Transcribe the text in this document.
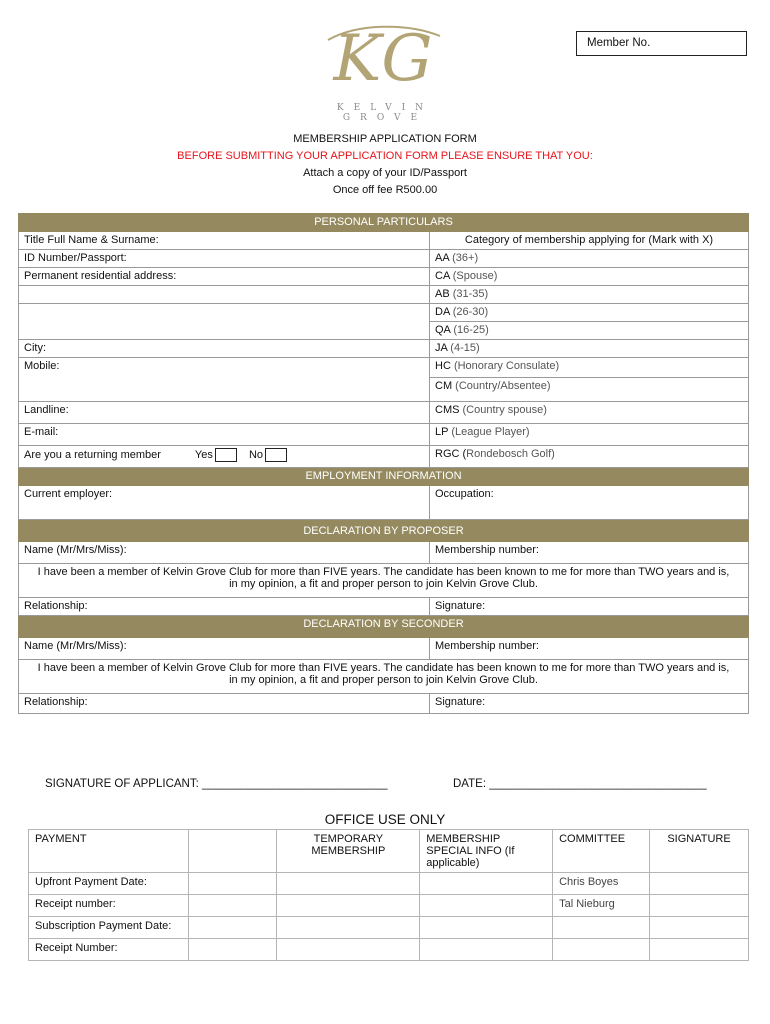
KG
KELVIN GROVE
Member No.
MEMBERSHIP APPLICATION FORM
BEFORE SUBMITTING YOUR APPLICATION FORM PLEASE ENSURE THAT YOU:
Attach a copy of your ID/Passport
Once off fee R500.00
PERSONAL PARTICULARS	
Title Full Name & Surname:	Category of membership applying for (Mark with X)
ID Number/Passport:	AA (36+)
Permanent residential address:	CA (Spouse)
	AB (31-35)
	DA (26-30)
	QA (16-25)
City:	JA (4-15)
Mobile:	HC (Honorary Consulate)
	CM (Country/Absentee)
Landline:	CMS (Country spouse)
E-mail:	LP (League Player)
Are you a returning member Yes No	RGC (Rondebosch Golf)
EMPLOYMENT INFORMATION	
Current employer:	Occupation:
DECLARATION BY PROPOSER	
Name (Mr/Mrs/Miss):	Membership number:

I have been a member of Kelvin Grove Club for more than FIVE years. The candidate has been known to me for more than TWO years and is,
in my opinion, a fit and proper person to join Kelvin Grove Club.	

Relationship:	Signature:
DECLARATION BY SECONDER	
Name (Mr/Mrs/Miss):	Membership number:

I have been a member of Kelvin Grove Club for more than FIVE years. The candidate has been known to me for more than TWO years and is,
in my opinion, a fit and proper person to join Kelvin Grove Club.	

Relationship:	Signature:
SIGNATURE OF APPLICANT: _____________________________	DATE: __________________________________
OFFICE USE ONLY
PAYMENT		TEMPORARY MEMBERSHIP	MEMBERSHIP SPECIAL INFO (If applicable)	COMMITTEE	SIGNATURE
Upfront Payment Date:				Chris Boyes	
Receipt number:				Tal Nieburg	
Subscription Payment Date:					
Receipt Number:					
